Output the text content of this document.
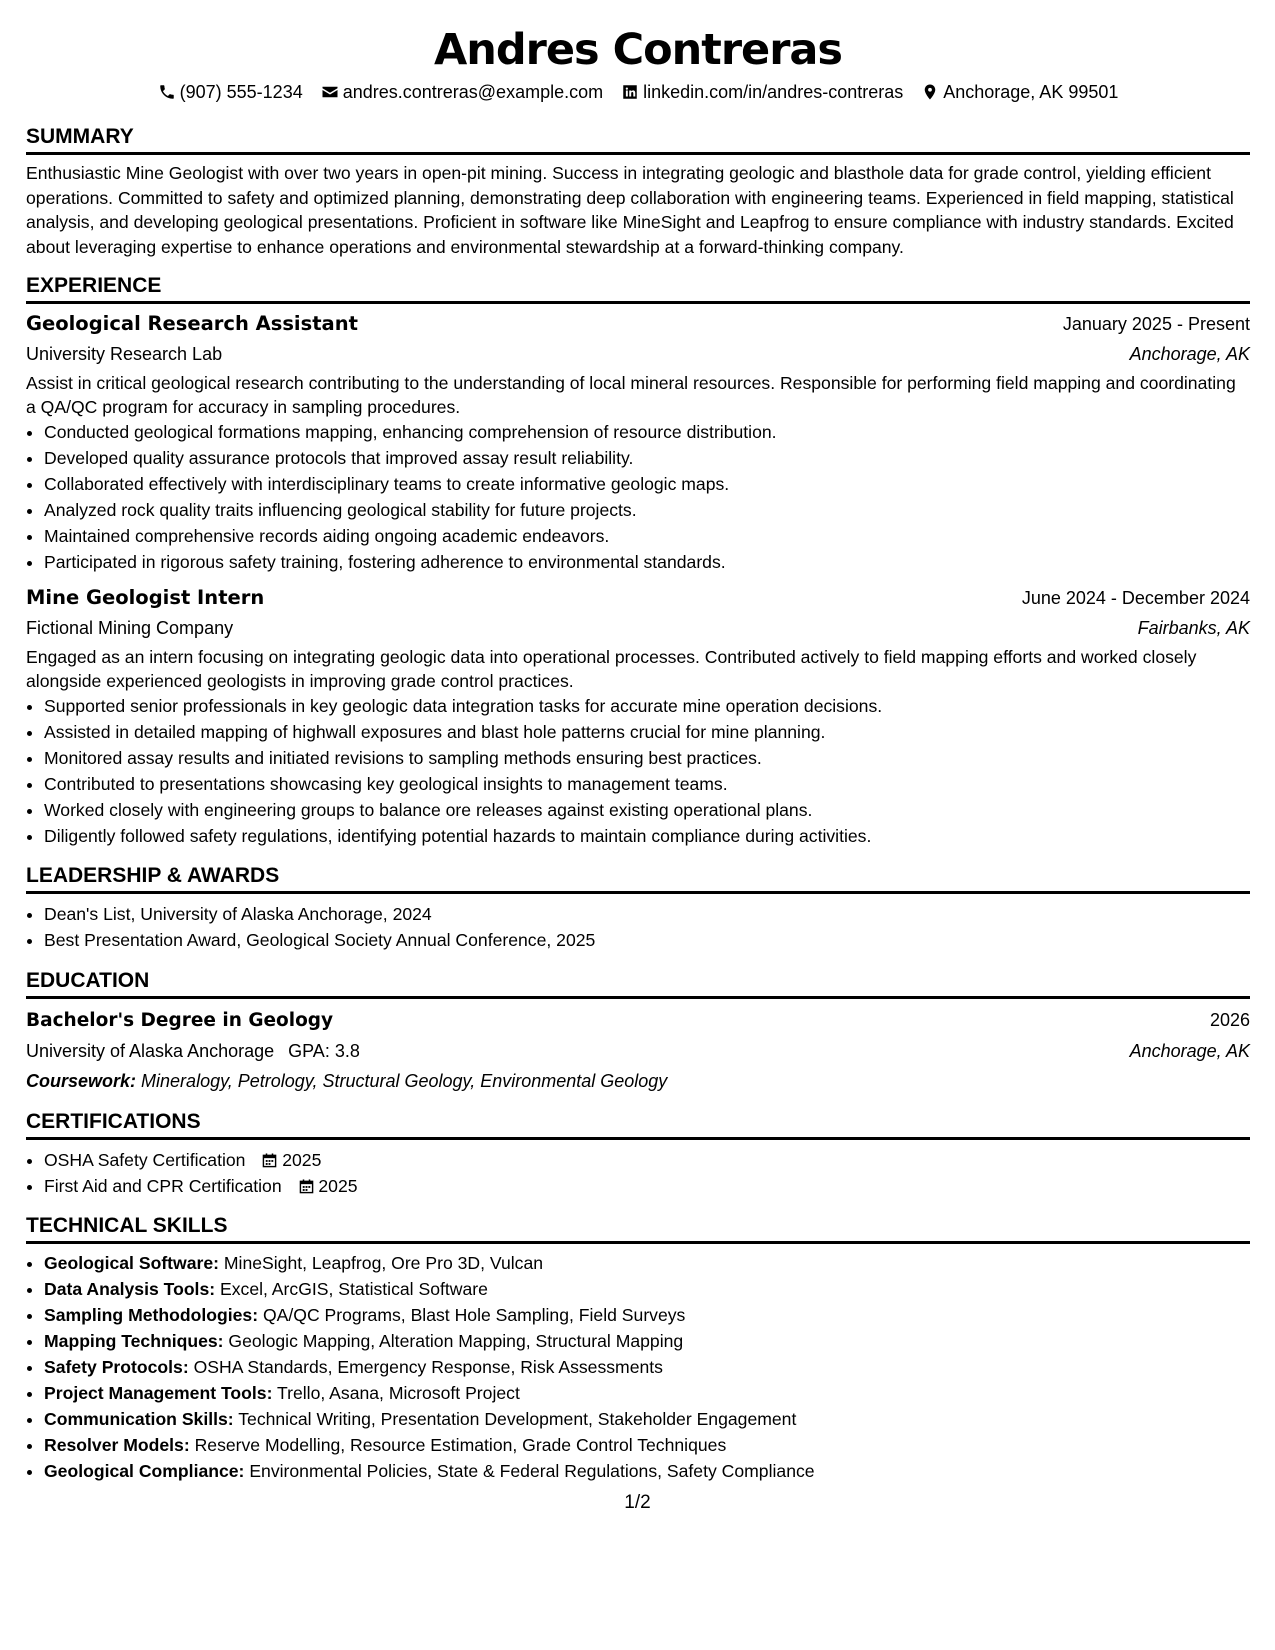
Andres Contreras
(907) 555-1234 andres.contreras@example.com linkedin.com/in/andres-contreras Anchorage, AK 99501
SUMMARY

Enthusiastic Mine Geologist with over two years in open-pit mining. Success in integrating geologic and blasthole data for grade control, yielding efficient operations. Committed to safety and optimized planning, demonstrating deep collaboration with engineering teams. Experienced in field mapping, statistical analysis, and developing geological presentations. Proficient in software like MineSight and Leapfrog to ensure compliance with industry standards. Excited about leveraging expertise to enhance operations and environmental stewardship at a forward-thinking company.

EXPERIENCE
Geological Research Assistant	January 2025 - Present
University Research Lab	Anchorage, AK

Assist in critical geological research contributing to the understanding of local mineral resources. Responsible for performing field mapping and coordinating a QA/QC program for accuracy in sampling procedures.

• Conducted geological formations mapping, enhancing comprehension of resource distribution.
• Developed quality assurance protocols that improved assay result reliability.
• Collaborated effectively with interdisciplinary teams to create informative geologic maps.
• Analyzed rock quality traits influencing geological stability for future projects.
• Maintained comprehensive records aiding ongoing academic endeavors.
• Participated in rigorous safety training, fostering adherence to environmental standards.
Mine Geologist Intern	June 2024 - December 2024
Fictional Mining Company	Fairbanks, AK

Engaged as an intern focusing on integrating geologic data into operational processes. Contributed actively to field mapping efforts and worked closely alongside experienced geologists in improving grade control practices.

• Supported senior professionals in key geologic data integration tasks for accurate mine operation decisions.
• Assisted in detailed mapping of highwall exposures and blast hole patterns crucial for mine planning.
• Monitored assay results and initiated revisions to sampling methods ensuring best practices.
• Contributed to presentations showcasing key geological insights to management teams.
• Worked closely with engineering groups to balance ore releases against existing operational plans.
• Diligently followed safety regulations, identifying potential hazards to maintain compliance during activities.
LEADERSHIP & AWARDS
• Dean's List, University of Alaska Anchorage, 2024
• Best Presentation Award, Geological Society Annual Conference, 2025
EDUCATION
Bachelor's Degree in Geology	2026
University of Alaska Anchorage GPA: 3.8	Anchorage, AK
Coursework: Mineralogy, Petrology, Structural Geology, Environmental Geology
CERTIFICATIONS
• OSHA Safety Certification 2025
• First Aid and CPR Certification 2025
TECHNICAL SKILLS
• Geological Software: MineSight, Leapfrog, Ore Pro 3D, Vulcan
• Data Analysis Tools: Excel, ArcGIS, Statistical Software
• Sampling Methodologies: QA/QC Programs, Blast Hole Sampling, Field Surveys
• Mapping Techniques: Geologic Mapping, Alteration Mapping, Structural Mapping
• Safety Protocols: OSHA Standards, Emergency Response, Risk Assessments
• Project Management Tools: Trello, Asana, Microsoft Project
• Communication Skills: Technical Writing, Presentation Development, Stakeholder Engagement
• Resolver Models: Reserve Modelling, Resource Estimation, Grade Control Techniques
• Geological Compliance: Environmental Policies, State & Federal Regulations, Safety Compliance
1/2
